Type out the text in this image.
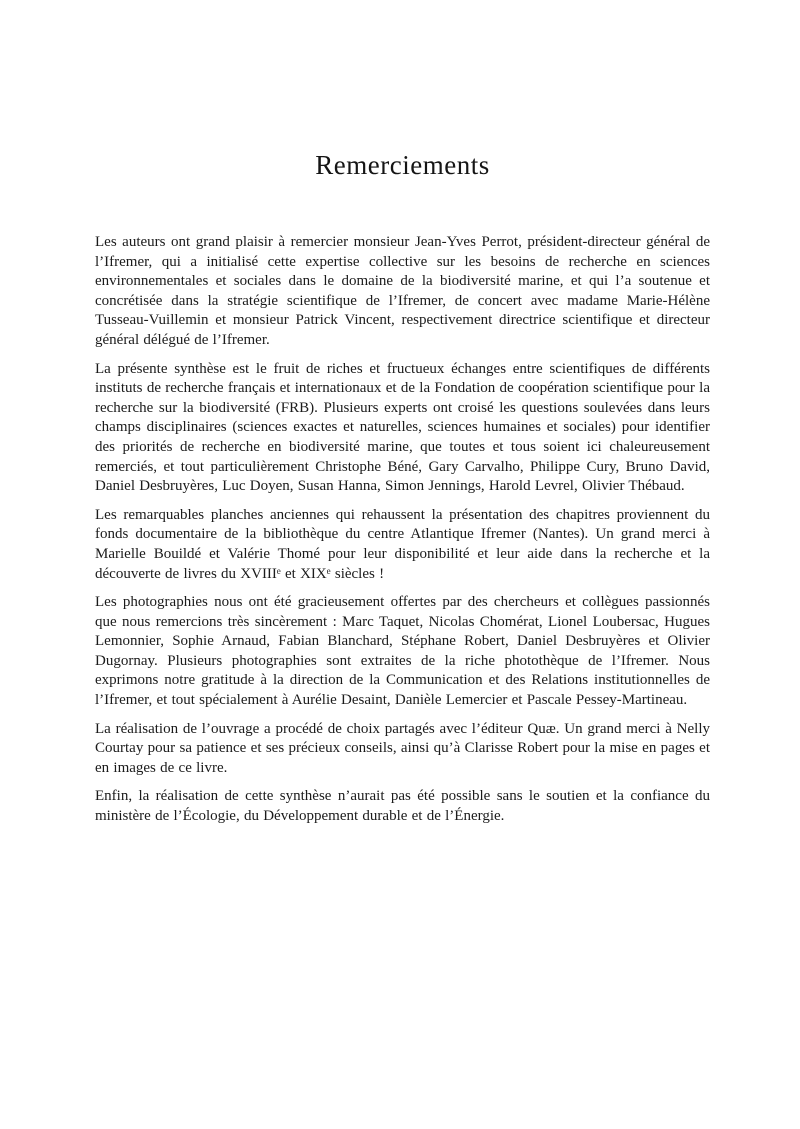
Remerciements

Les auteurs ont grand plaisir à remercier monsieur Jean-Yves Perrot, président-directeur général de l’Ifremer, qui a initialisé cette expertise collective sur les besoins de recherche en sciences environnementales et sociales dans le domaine de la biodiversité marine, et qui l’a soutenue et concrétisée dans la stratégie scientifique de l’Ifremer, de concert avec madame Marie-Hélène Tusseau-Vuillemin et monsieur Patrick Vincent, respectivement directrice scientifique et directeur général délégué de l’Ifremer.

La présente synthèse est le fruit de riches et fructueux échanges entre scientifiques de différents instituts de recherche français et internationaux et de la Fondation de coopération scientifique pour la recherche sur la biodiversité (FRB). Plusieurs experts ont croisé les questions soulevées dans leurs champs disciplinaires (sciences exactes et naturelles, sciences humaines et sociales) pour identifier des priorités de recherche en biodiversité marine, que toutes et tous soient ici chaleureusement remerciés, et tout particulièrement Christophe Béné, Gary Carvalho, Philippe Cury, Bruno David, Daniel Desbruyères, Luc Doyen, Susan Hanna, Simon Jennings, Harold Levrel, Olivier Thébaud.

Les remarquables planches anciennes qui rehaussent la présentation des chapitres proviennent du fonds documentaire de la bibliothèque du centre Atlantique Ifremer (Nantes). Un grand merci à Marielle Bouildé et Valérie Thomé pour leur disponibilité et leur aide dans la recherche et la découverte de livres du XVIIIᵉ et XIXᵉ siècles !

Les photographies nous ont été gracieusement offertes par des chercheurs et collègues passionnés que nous remercions très sincèrement : Marc Taquet, Nicolas Chomérat, Lionel Loubersac, Hugues Lemonnier, Sophie Arnaud, Fabian Blanchard, Stéphane Robert, Daniel Desbruyères et Olivier Dugornay. Plusieurs photographies sont extraites de la riche photothèque de l’Ifremer. Nous exprimons notre gratitude à la direction de la Communication et des Relations institutionnelles de l’Ifremer, et tout spécialement à Aurélie Desaint, Danièle Lemercier et Pascale Pessey-Martineau.

La réalisation de l’ouvrage a procédé de choix partagés avec l’éditeur Quæ. Un grand merci à Nelly Courtay pour sa patience et ses précieux conseils, ainsi qu’à Clarisse Robert pour la mise en pages et en images de ce livre.

Enfin, la réalisation de cette synthèse n’aurait pas été possible sans le soutien et la confiance du ministère de l’Écologie, du Développement durable et de l’Énergie.
